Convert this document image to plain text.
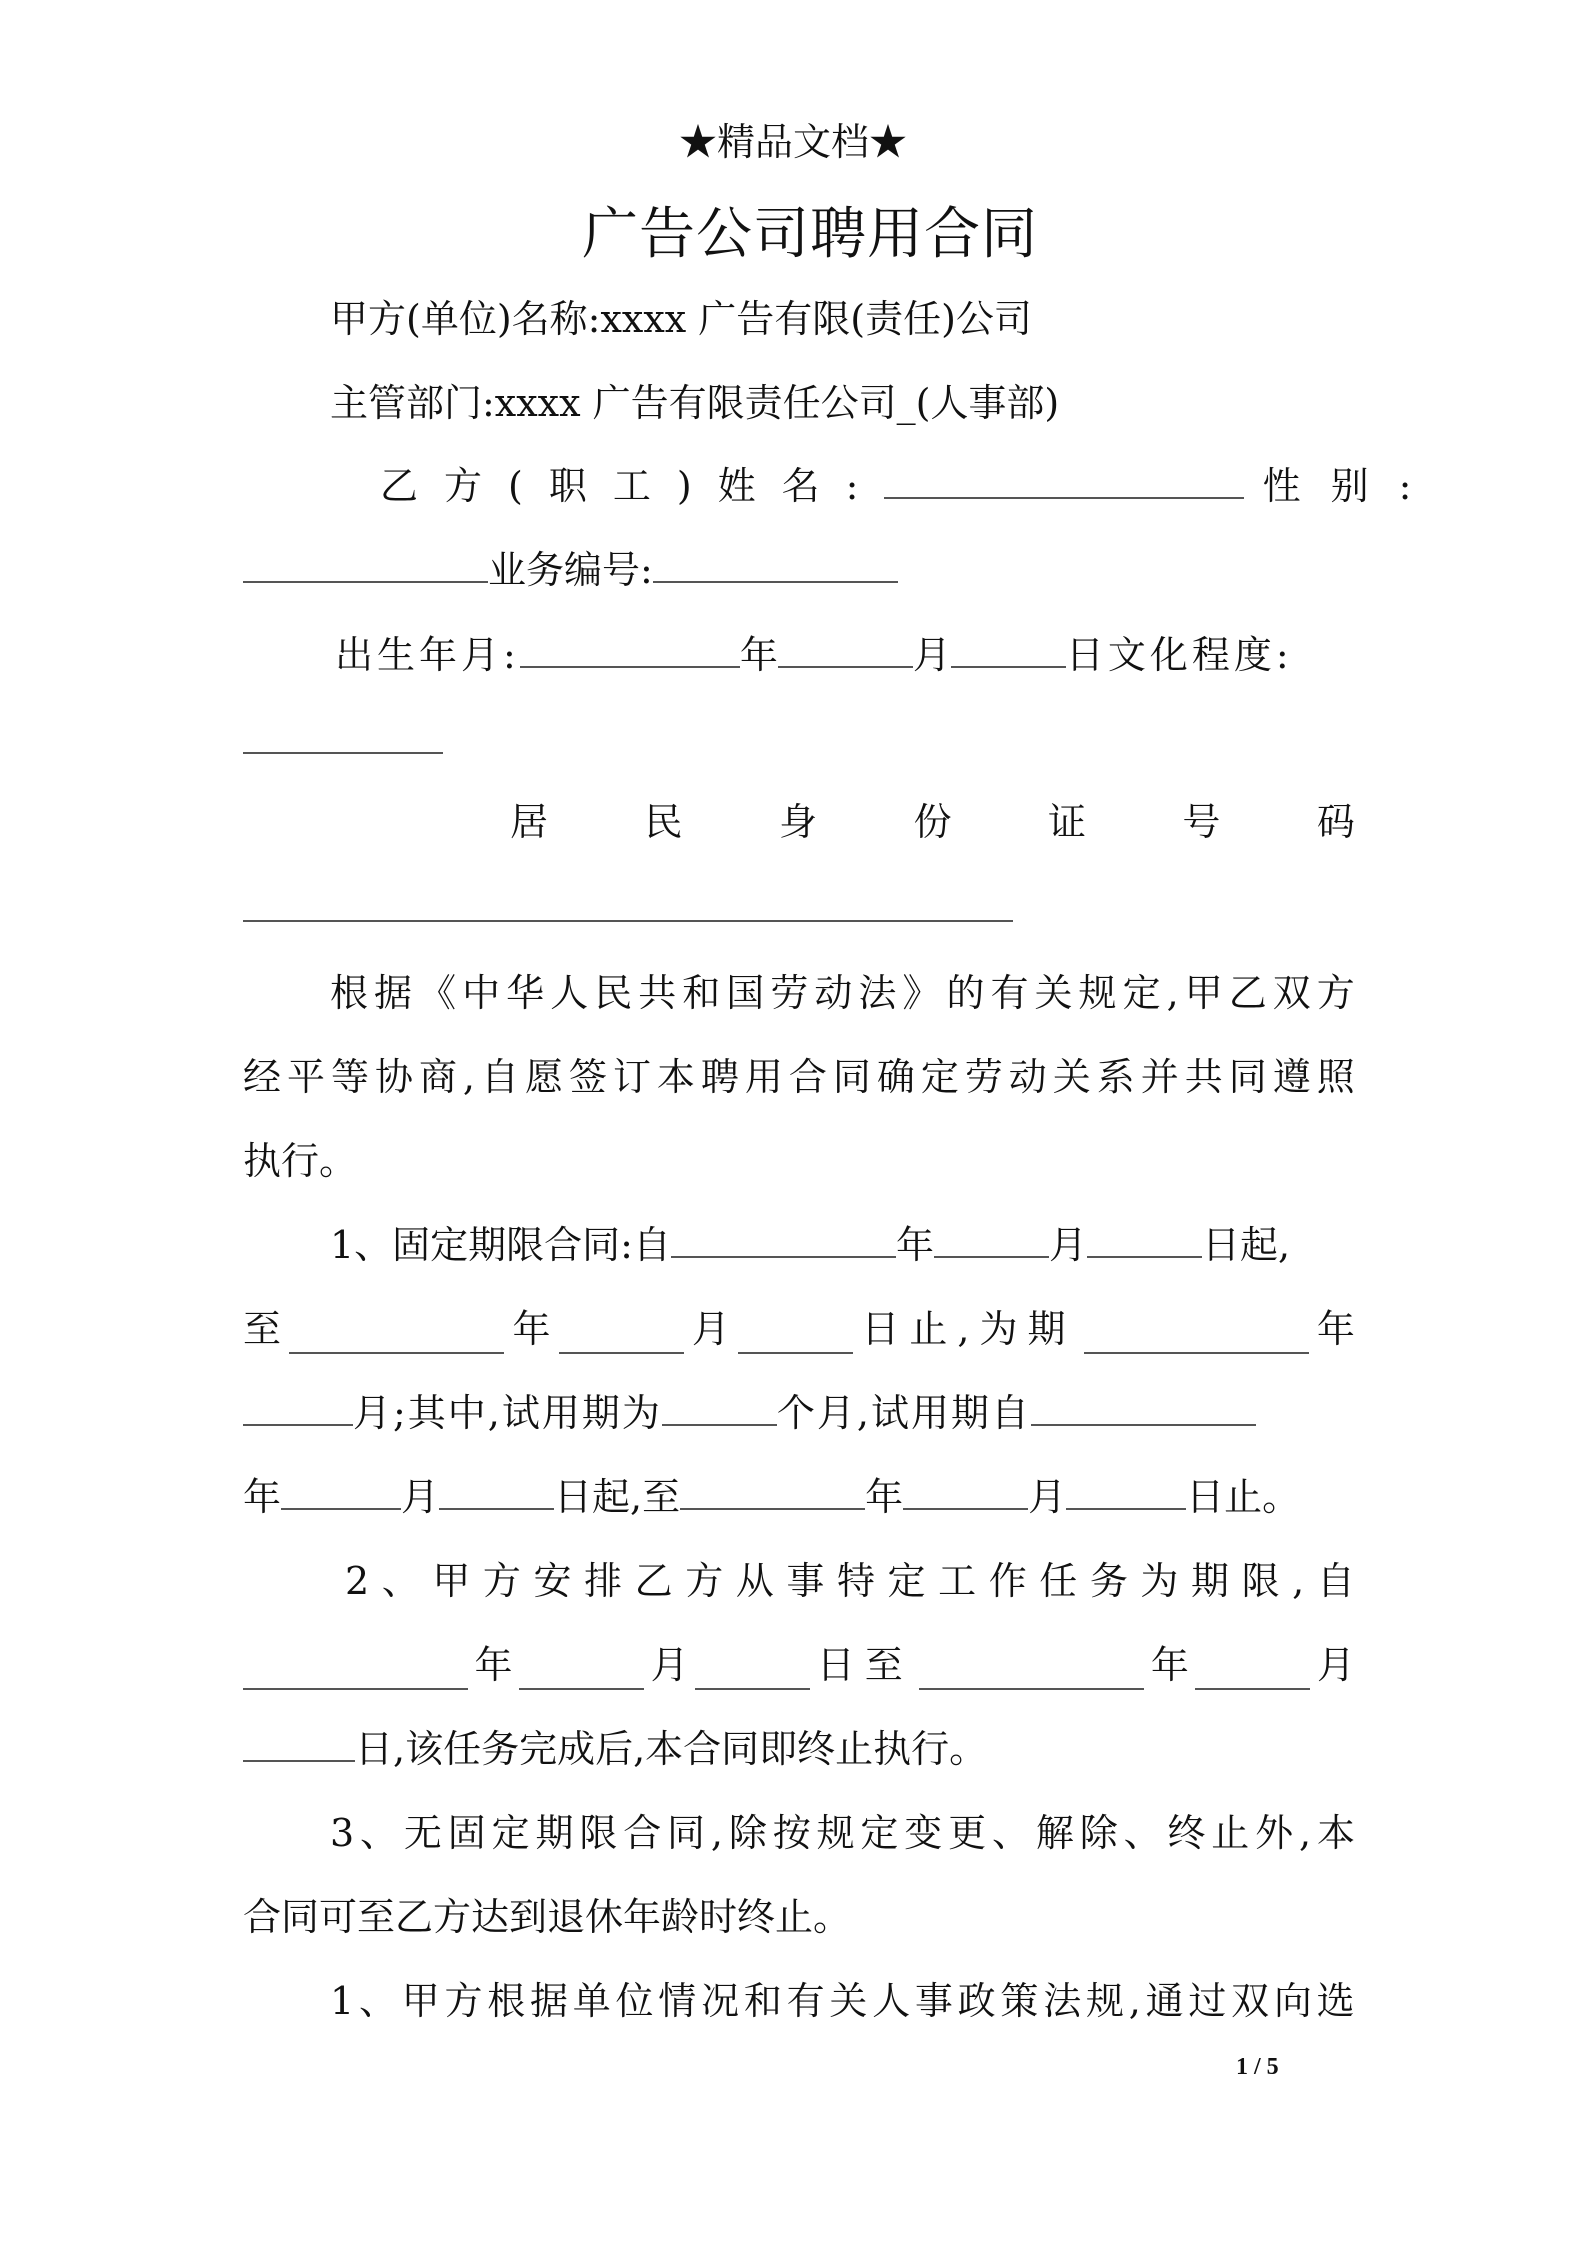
★精品文档★
广告公司聘用合同
甲方(单位)名称:xxxx 广告有限(责任)公司
主管部门:xxxx 广告有限责任公司_(人事部)
乙方(职工)姓名:	性别:
业务编号:
出生年月:	年	月	日文化程度:
居	民	身	份	证	号	码
根 据 《 中 华 人 民 共 和 国 劳 动 法 》 的 有 关 规 定 , 甲 乙 双 方
经 平 等 协 商 , 自 愿 签 订 本 聘 用 合 同 确 定 劳 动 关 系 并 共 同 遵 照
执行。
1、固定期限合同:自	年	月	日起,
至	年	月	日止,为期	年
月;其中,试用期为	个月,试用期自
年	月	日起,至	年	月	日止。
2 、 甲 方 安 排 乙 方 从 事 特 定 工 作 任 务 为 期 限 , 自
年	月	日至	年	月
日,该任务完成后,本合同即终止执行。
3 、 无 固 定 期 限 合 同 , 除 按 规 定 变 更 、 解 除 、 终 止 外 , 本
合同可至乙方达到退休年龄时终止。
1 、 甲 方 根 据 单 位 情 况 和 有 关 人 事 政 策 法 规 , 通 过 双 向 选
1 / 5
